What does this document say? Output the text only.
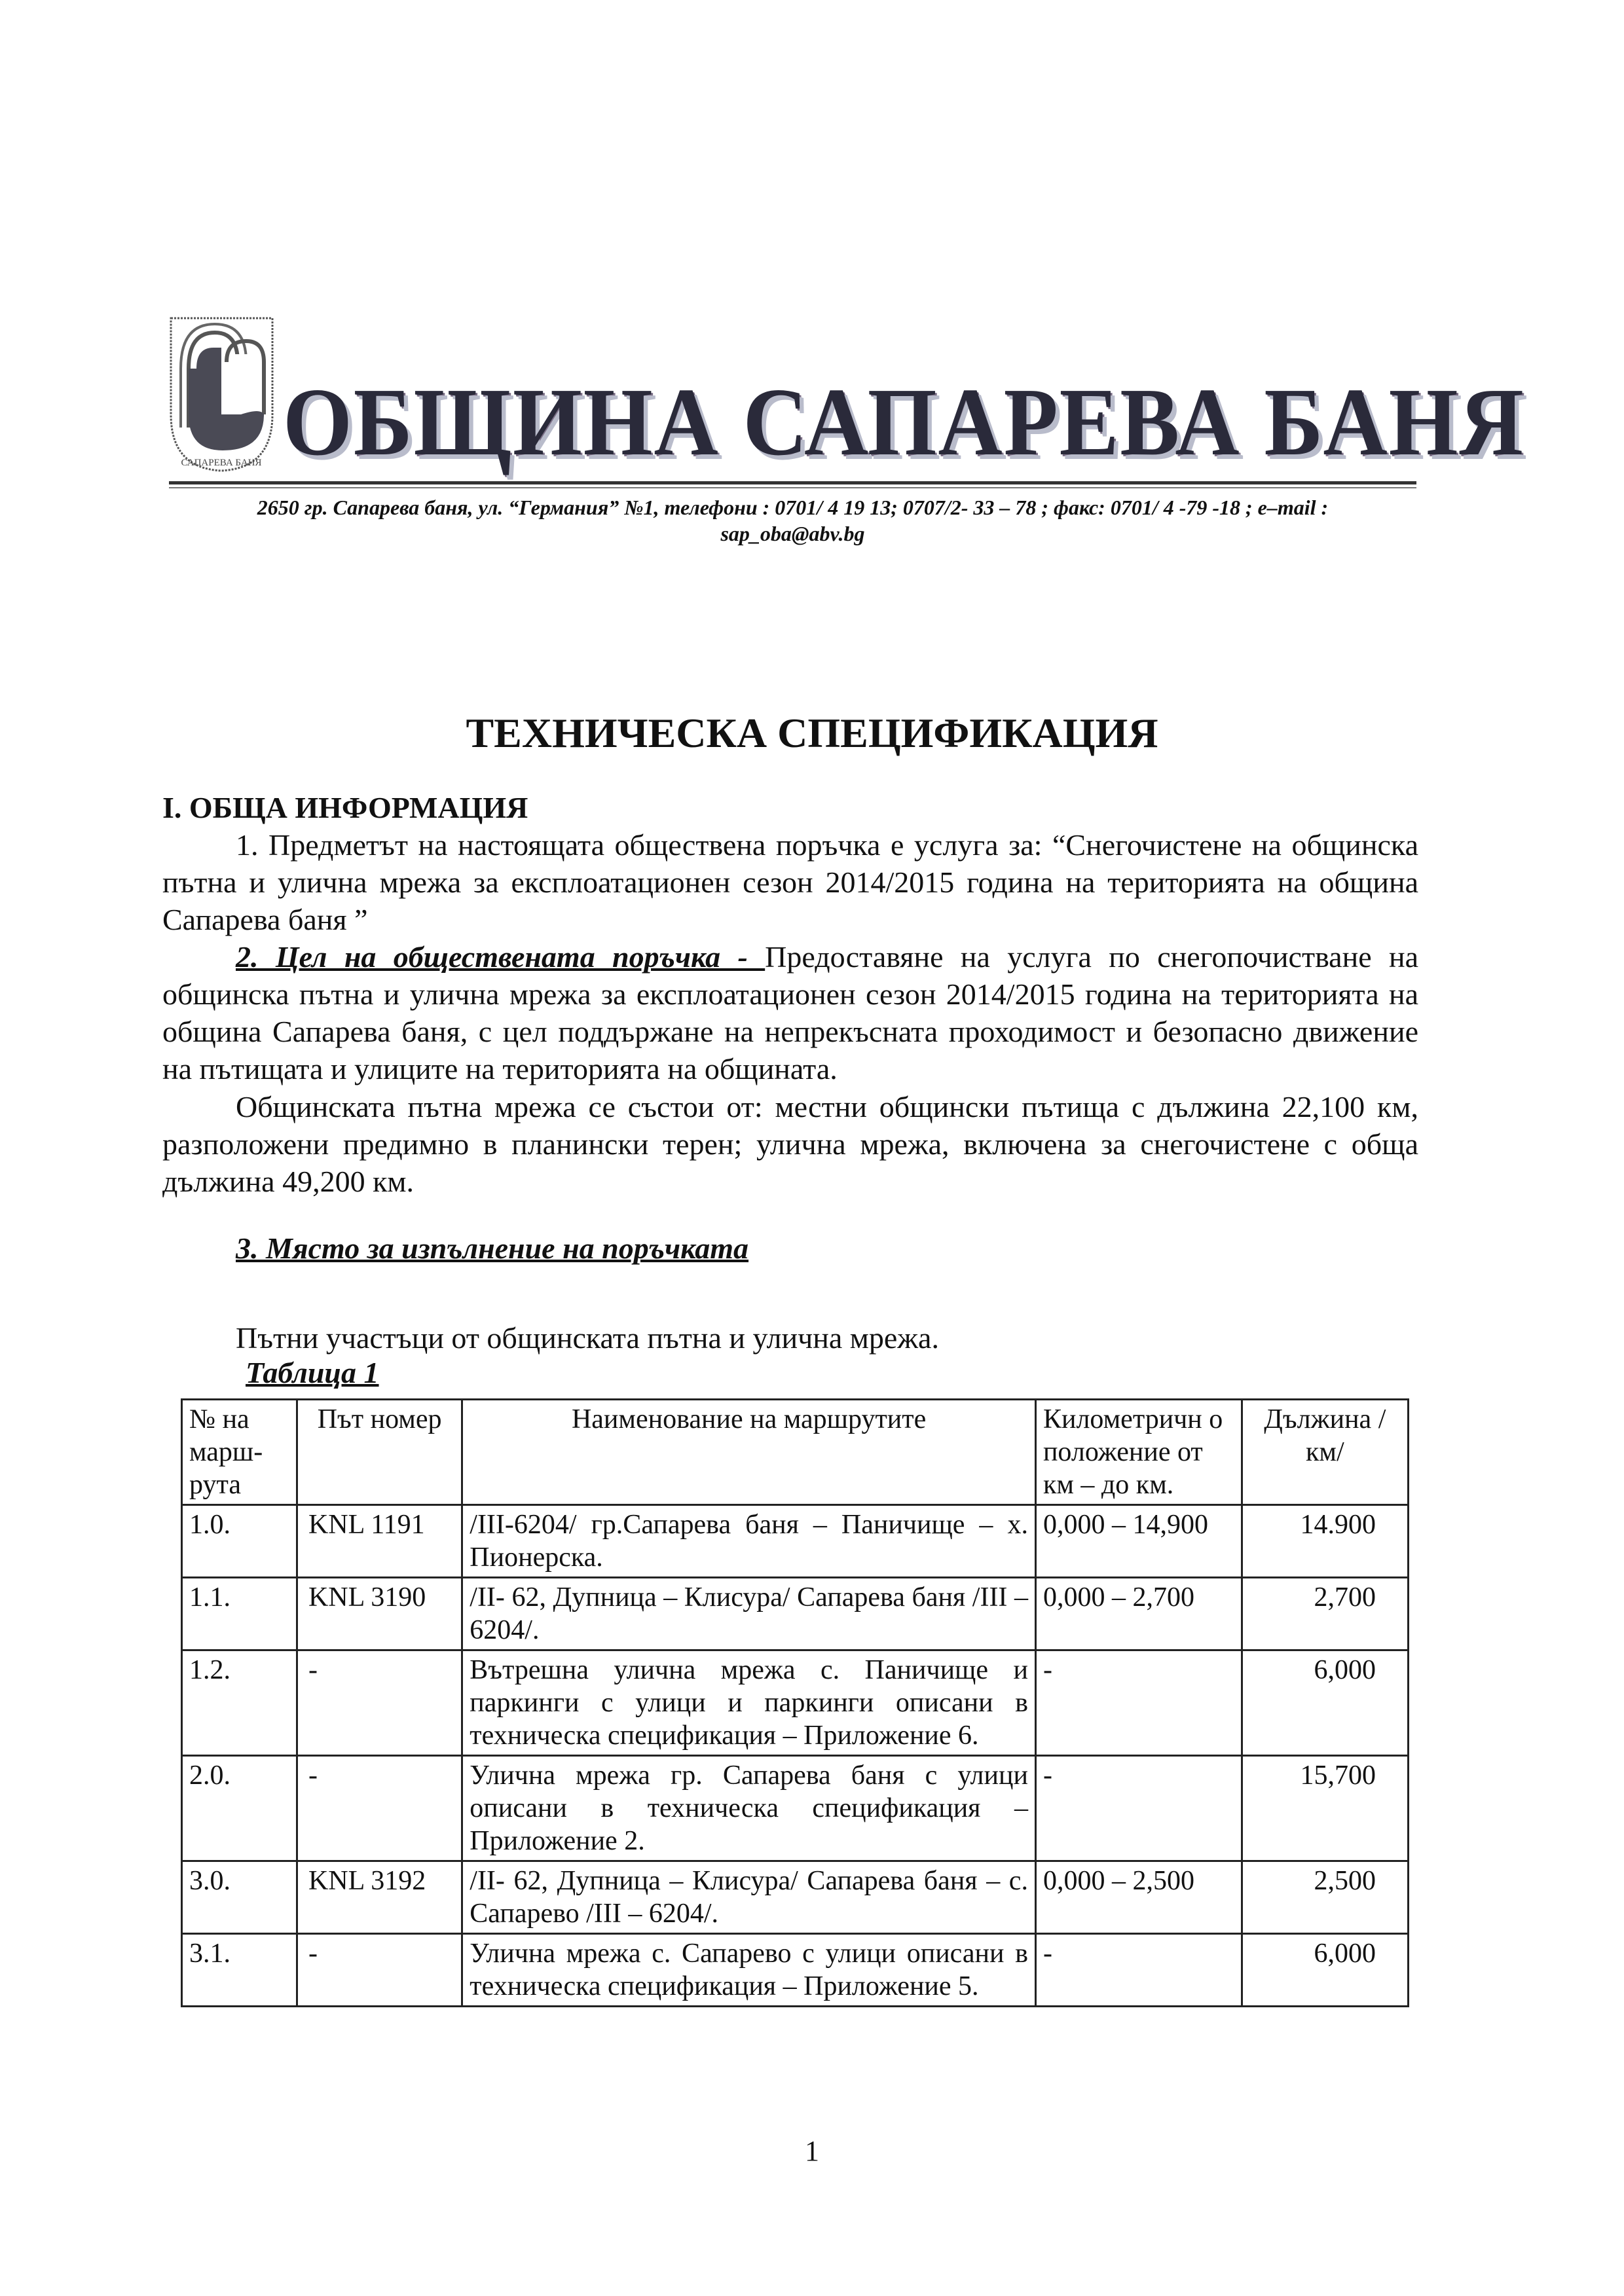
САПАРЕВА БАНЯ ОБЩИНА САПАРЕВА БАНЯ
2650 гр. Сапарева баня, ул. “Германия” №1, телефони : 0701/ 4 19 13; 0707/2- 33 – 78 ; факс: 0701/ 4 -79 -18 ; e–mail :
sap_oba@abv.bg
ТЕХНИЧЕСКА СПЕЦИФИКАЦИЯ
I. ОБЩА ИНФОРМАЦИЯ
1. Предметът на настоящата обществена поръчка е услуга за: “Снегочистене на общинска пътна и улична мрежа за експлоатационен сезон 2014/2015 година на територията на община Сапарева баня ”
2. Цел на обществената поръчка - Предоставяне на услуга по снегопочистване на общинска пътна и улична мрежа за експлоатационен сезон 2014/2015 година на територията на община Сапарева баня, с цел поддържане на непрекъсната проходимост и безопасно движение на пътищата и улиците на територията на общината.
Общинската пътна мрежа се състои от: местни общински пътища с дължина 22,100 км, разположени предимно в планински терен; улична мрежа, включена за снегочистене с обща дължина 49,200 км.
3. Място за изпълнение на поръчката
Пътни участъци от общинската пътна и улична мрежа.
Таблица 1
№ на марш-рута	Път номер	Наименование на маршрутите	Километричн о положение от км – до км.	Дължина /км/
1.0.	KNL 1191	/III-6204/ гр.Сапарева баня – Паничище – х. Пионерска.	0,000 – 14,900	14.900
1.1.	KNL 3190	/II- 62, Дупница – Клисура/ Сапарева баня /III – 6204/.	0,000 – 2,700	2,700
1.2.	-	Вътрешна улична мрежа с. Паничище и паркинги с улици и паркинги описани в техническа спецификация – Приложение 6.	-	6,000
2.0.	-	Улична мрежа гр. Сапарева баня с улици описани в техническа спецификация – Приложение 2.	-	15,700
3.0.	KNL 3192	/II- 62, Дупница – Клисура/ Сапарева баня – с. Сапарево /III – 6204/.	0,000 – 2,500	2,500
3.1.	-	Улична мрежа с. Сапарево с улици описани в техническа спецификация – Приложение 5.	-	6,000
1
